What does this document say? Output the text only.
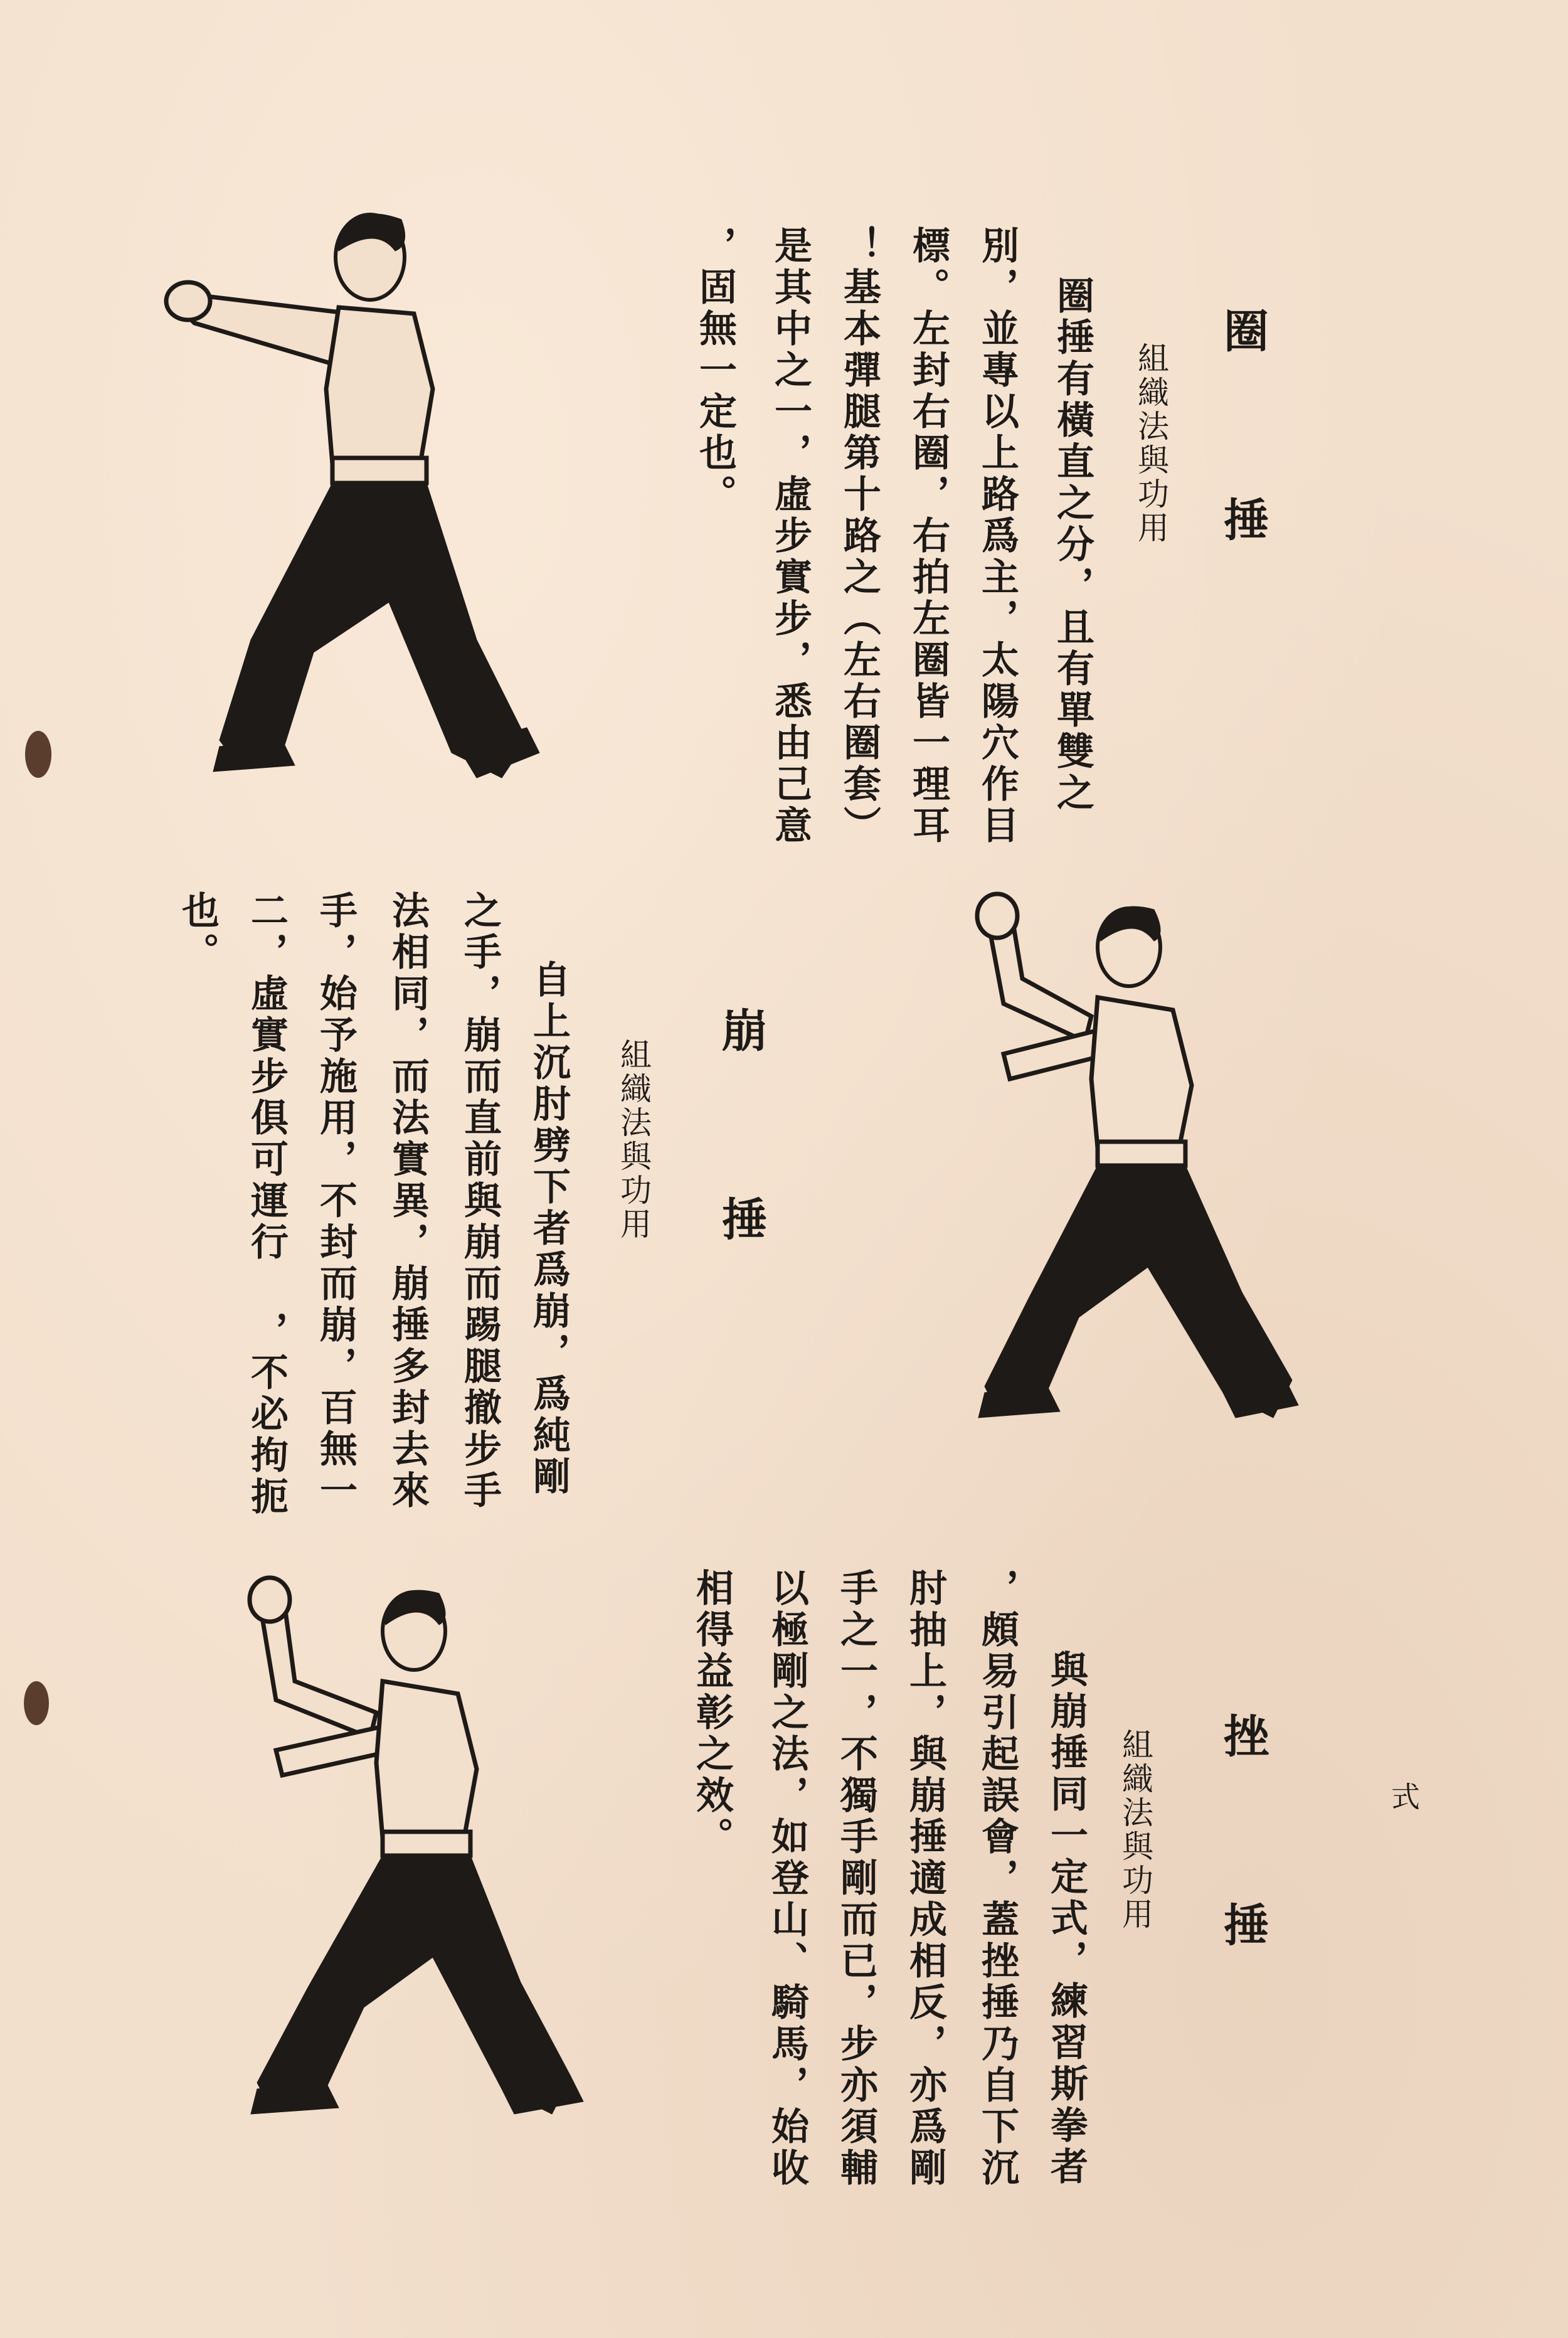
圈 捶
組織法與功用
圈捶有橫直之分，且有單雙之
別，並專以上路爲主，太陽穴作目
標。左封右圈，右拍左圈皆一理耳
！基本彈腿第十路之（左右圈套）
是其中之一，虛步實步，悉由己意
，固無一定也。
崩 捶
組織法與功用
自上沉肘劈下者爲崩，爲純剛
之手，崩而直前與崩而踢腿撤步手
法相同，而法實異，崩捶多封去來
手，始予施用，不封而崩，百無一
二，虛實步俱可運行 ，不必拘扼
也。
挫 捶
組織法與功用
與崩捶同一定式，練習斯拳者
，頗易引起誤會，蓋挫捶乃自下沉
肘抽上，與崩捶適成相反，亦爲剛
手之一，不獨手剛而已，步亦須輔
以極剛之法，如登山、騎馬，始收
相得益彰之效。	式
